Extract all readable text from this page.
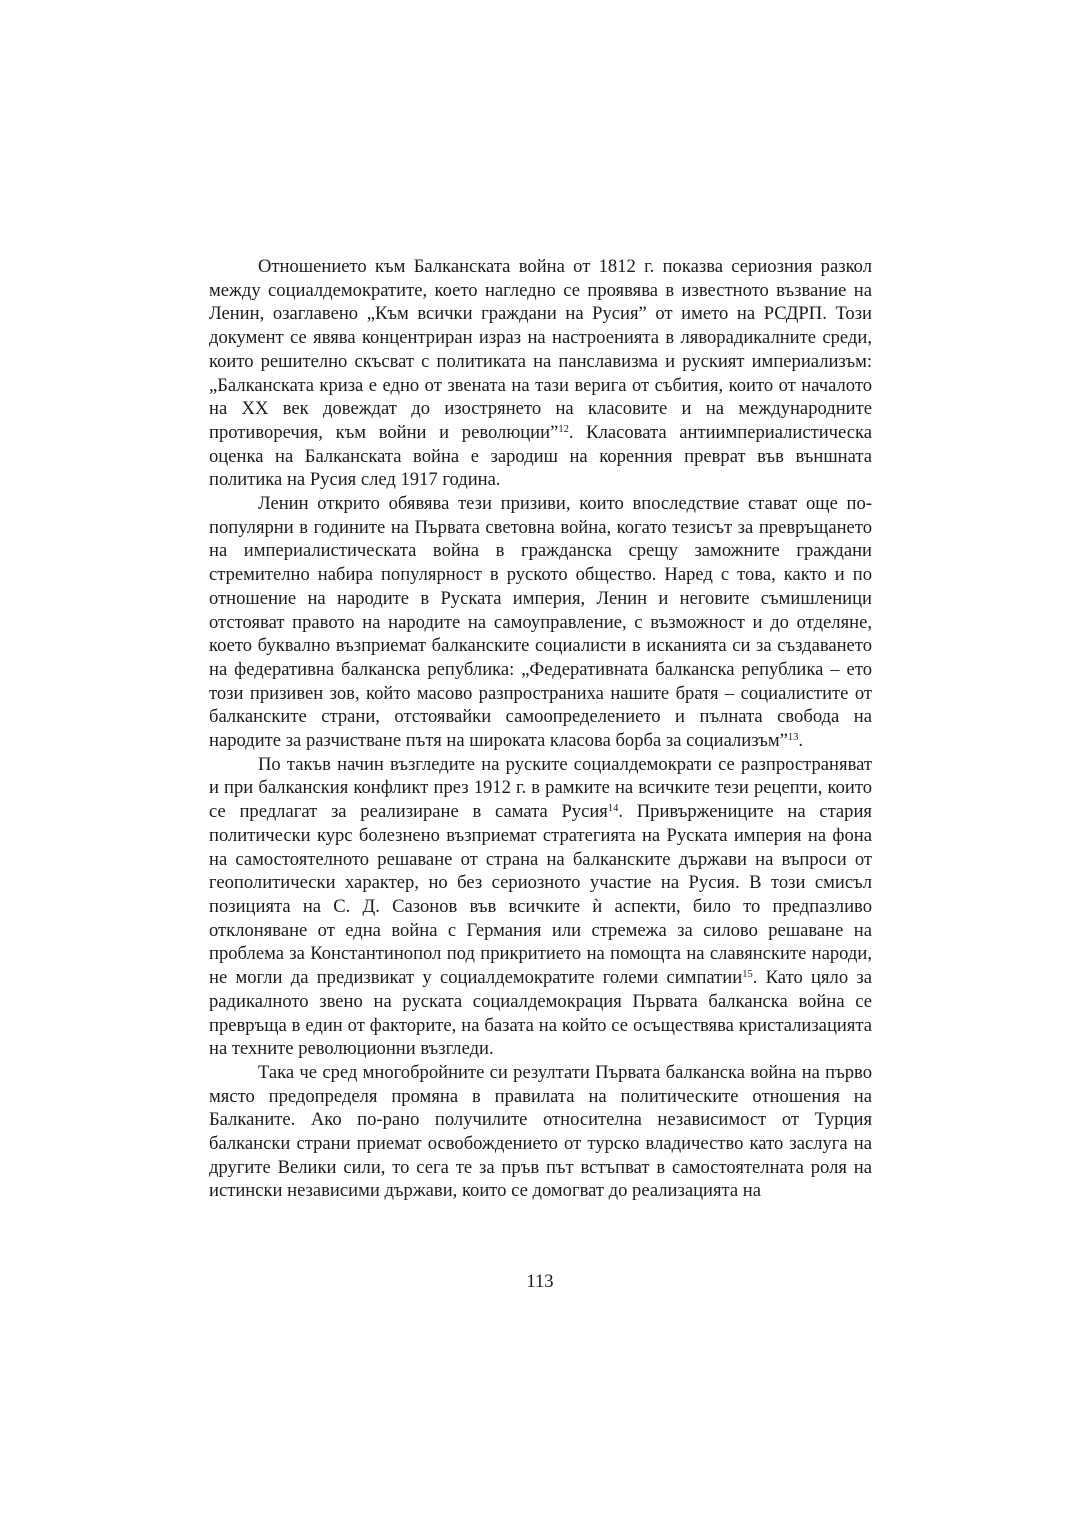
Отношението към Балканската война от 1812 г. показва сериозния разкол между социалдемократите, което нагледно се проявява в известното възвание на Ленин, озаглавено „Към всички граждани на Русия” от името на РСДРП. Този документ се явява концентриран израз на настроенията в ляворадикалните среди, които решително скъсват с политиката на панславизма и руският империализъм: „Балканската криза е едно от звената на тази верига от събития, които от началото на ХХ век довеждат до изострянето на класовите и на международните противоречия, към войни и революции”$^{12}$. Класовата антиимпериалистическа оценка на Балканската война е зародиш на коренния преврат във външната политика на Русия след 1917 година.

Ленин открито обявява тези призиви, които впоследствие стават още по-популярни в годините на Първата световна война, когато тезисът за превръщането на империалистическата война в гражданска срещу заможните граждани стремително набира популярност в руското общество. Наред с това, както и по отношение на народите в Руската империя, Ленин и неговите съмишленици отстояват правото на народите на самоуправление, с възможност и до отделяне, което буквално възприемат балканските социалисти в исканията си за създаването на федеративна балканска република: „Федеративната балканска република – ето този призивен зов, който масово разпространиха нашите братя – социалистите от балканските страни, отстоявайки самоопределението и пълната свобода на народите за разчистване пътя на широката класова борба за социализъм”$^{13}$.

По такъв начин възгледите на руските социалдемократи се разпространяват и при балканския конфликт през 1912 г. в рамките на всичките тези рецепти, които се предлагат за реализиране в самата Русия$^{14}$. Привържениците на стария политически курс болезнено възприемат стратегията на Руската империя на фона на самостоятелното решаване от страна на балканските държави на въпроси от геополитически характер, но без сериозното участие на Русия. В този смисъл позицията на С. Д. Сазонов във всичките ѝ аспекти, било то предпазливо отклоняване от една война с Германия или стремежа за силово решаване на проблема за Константинопол под прикритието на помощта на славянските народи, не могли да предизвикат у социалдемократите големи симпатии$^{15}$. Като цяло за радикалното звено на руската социалдемокрация Първата балканска война се превръща в един от факторите, на базата на който се осъществява кристализацията на техните революционни възгледи.

Така че сред многобройните си резултати Първата балканска война на първо място предопределя промяна в правилата на политическите отношения на Балканите. Ако по-рано получилите относителна независимост от Турция балкански страни приемат освобождението от турско владичество като заслуга на другите Велики сили, то сега те за пръв път встъпват в самостоятелната роля на истински независими държави, които се домогват до реализацията на

113
